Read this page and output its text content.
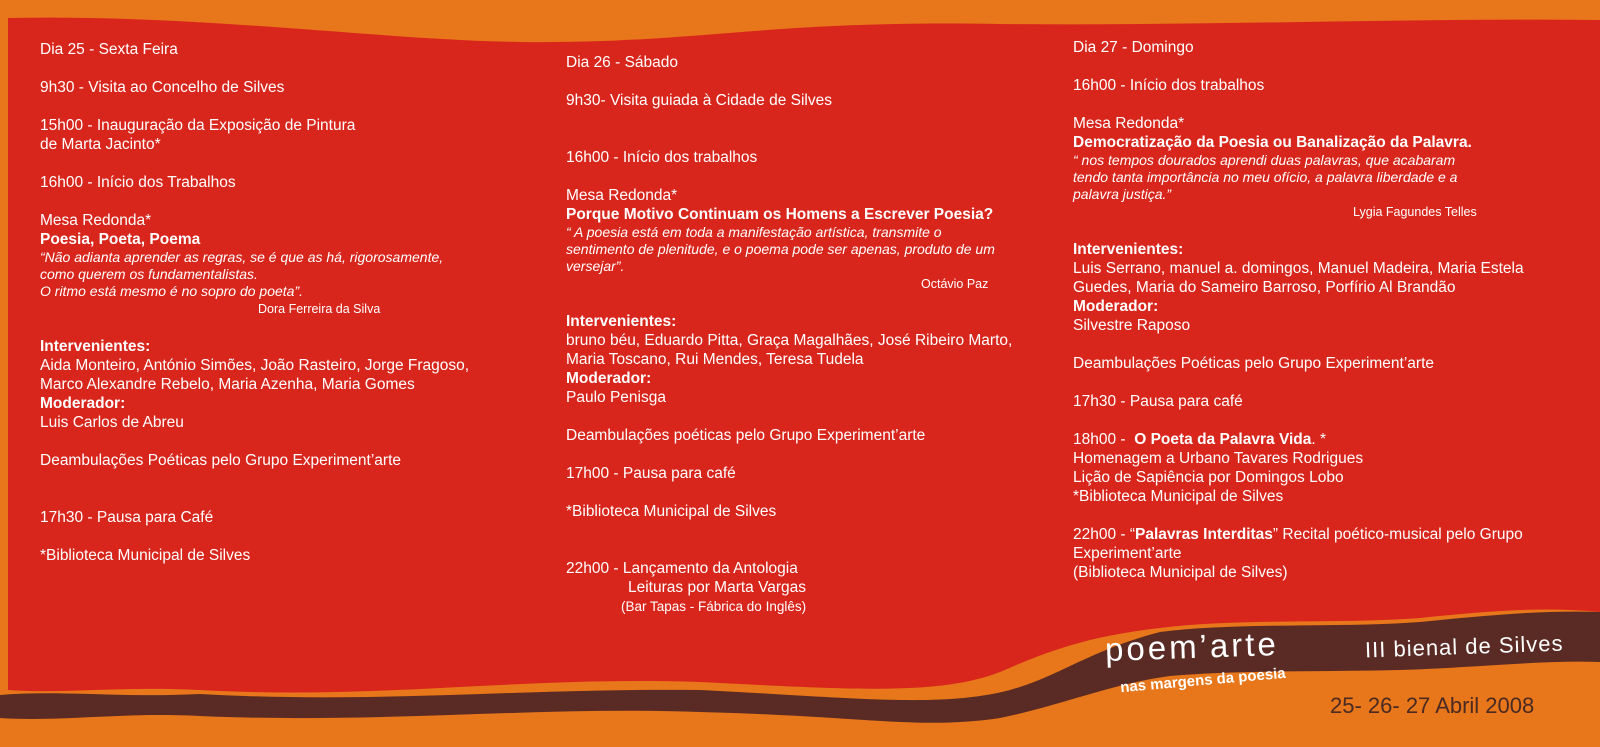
Dia 25 - Sexta Feira

9h30 - Visita ao Concelho de Silves

15h00 - Inauguração da Exposição de Pintura

de Marta Jacinto*

16h00 - Início dos Trabalhos

Mesa Redonda*

Poesia, Poeta, Poema

“Não adianta aprender as regras, se é que as há, rigorosamente,

como querem os fundamentalistas.

O ritmo está mesmo é no sopro do poeta”.

Dora Ferreira da Silva

Intervenientes:

Aida Monteiro, António Simões, João Rasteiro, Jorge Fragoso, Marco Alexandre Rebelo, Maria Azenha, Maria Gomes

Moderador:

Luis Carlos de Abreu

Deambulações Poéticas pelo Grupo Experiment’arte

17h30 - Pausa para Café

*Biblioteca Municipal de Silves

Dia 26 - Sábado

9h30- Visita guiada à Cidade de Silves

16h00 - Início dos trabalhos

Mesa Redonda*

Porque Motivo Continuam os Homens a Escrever Poesia?

“ A poesia está em toda a manifestação artística, transmite o

sentimento de plenitude, e o poema pode ser apenas, produto de um

versejar”.

Octávio Paz

Intervenientes:

bruno béu, Eduardo Pitta, Graça Magalhães, José Ribeiro Marto, Maria Toscano, Rui Mendes, Teresa Tudela

Moderador:

Paulo Penisga

Deambulações poéticas pelo Grupo Experiment’arte

17h00 - Pausa para café

*Biblioteca Municipal de Silves

22h00 - Lançamento da Antologia

Leituras por Marta Vargas

(Bar Tapas - Fábrica do Inglês)

Dia 27 - Domingo

16h00 - Início dos trabalhos

Mesa Redonda*

Democratização da Poesia ou Banalização da Palavra.

“ nos tempos dourados aprendi duas palavras, que acabaram

tendo tanta importância no meu ofício, a palavra liberdade e a

palavra justiça.”

Lygia Fagundes Telles

Intervenientes:

Luis Serrano, manuel a. domingos, Manuel Madeira, Maria Estela Guedes, Maria do Sameiro Barroso, Porfírio Al Brandão

Moderador:

Silvestre Raposo

Deambulações Poéticas pelo Grupo Experiment’arte

17h30 - Pausa para café

18h00 - O Poeta da Palavra Vida. *

Homenagem a Urbano Tavares Rodrigues

Lição de Sapiência por Domingos Lobo

*Biblioteca Municipal de Silves

22h00 - “Palavras Interditas” Recital poético-musical pelo Grupo Experiment’arte

(Biblioteca Municipal de Silves)

poem’arte	III bienal de Silves
nas margens da poesia
25- 26- 27 Abril 2008
